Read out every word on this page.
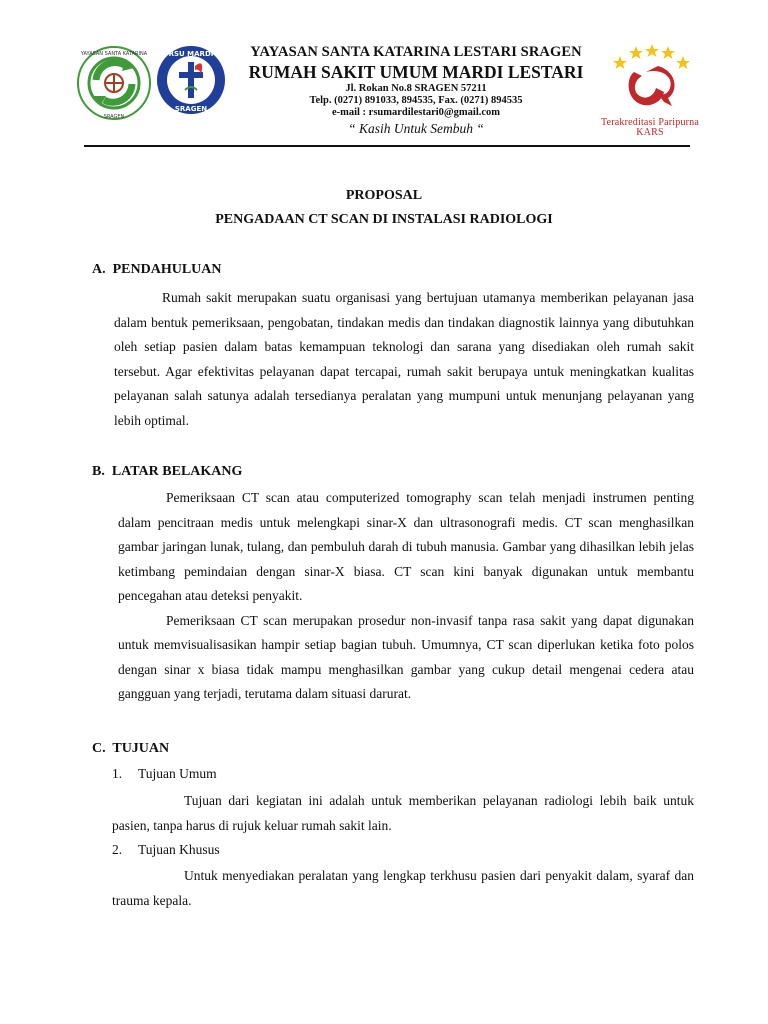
YAYASAN SANTA KATARINA
SRAGEN
RSU MARDI
SRAGEN
YAYASAN SANTA KATARINA LESTARI SRAGEN
RUMAH SAKIT UMUM MARDI LESTARI
Jl. Rokan No.8 SRAGEN 57211
Telp. (0271) 891033, 894535, Fax. (0271) 894535
e-mail : rsumardilestari0@gmail.com
“ Kasih Untuk Sembuh “	Terakreditasi Paripurna
KARS
PROPOSAL
PENGADAAN CT SCAN DI INSTALASI RADIOLOGI
A.  PENDAHULUAN

Rumah sakit merupakan suatu organisasi yang bertujuan utamanya memberikan pelayanan jasa dalam bentuk pemeriksaan, pengobatan, tindakan medis dan tindakan diagnostik lainnya yang dibutuhkan oleh setiap pasien dalam batas kemampuan teknologi dan sarana yang disediakan oleh rumah sakit tersebut. Agar efektivitas pelayanan dapat tercapai, rumah sakit berupaya untuk meningkatkan kualitas pelayanan salah satunya adalah tersedianya peralatan yang mumpuni untuk menunjang pelayanan yang lebih optimal.

B.  LATAR BELAKANG

Pemeriksaan CT scan atau computerized tomography scan telah menjadi instrumen penting dalam pencitraan medis untuk melengkapi sinar-X dan ultrasonografi medis. CT scan menghasilkan gambar jaringan lunak, tulang, dan pembuluh darah di tubuh manusia. Gambar yang dihasilkan lebih jelas ketimbang pemindaian dengan sinar-X biasa. CT scan kini banyak digunakan untuk membantu pencegahan atau deteksi penyakit.

Pemeriksaan CT scan merupakan prosedur non-invasif tanpa rasa sakit yang dapat digunakan untuk memvisualisasikan hampir setiap bagian tubuh. Umumnya, CT scan diperlukan ketika foto polos dengan sinar x biasa tidak mampu menghasilkan gambar yang cukup detail mengenai cedera atau gangguan yang terjadi, terutama dalam situasi darurat.

C.  TUJUAN
1. Tujuan Umum

Tujuan dari kegiatan ini adalah untuk memberikan pelayanan radiologi lebih baik untuk pasien, tanpa harus di rujuk keluar rumah sakit lain.

2. Tujuan Khusus

Untuk menyediakan peralatan yang lengkap terkhusu pasien dari penyakit dalam, syaraf dan trauma kepala.
